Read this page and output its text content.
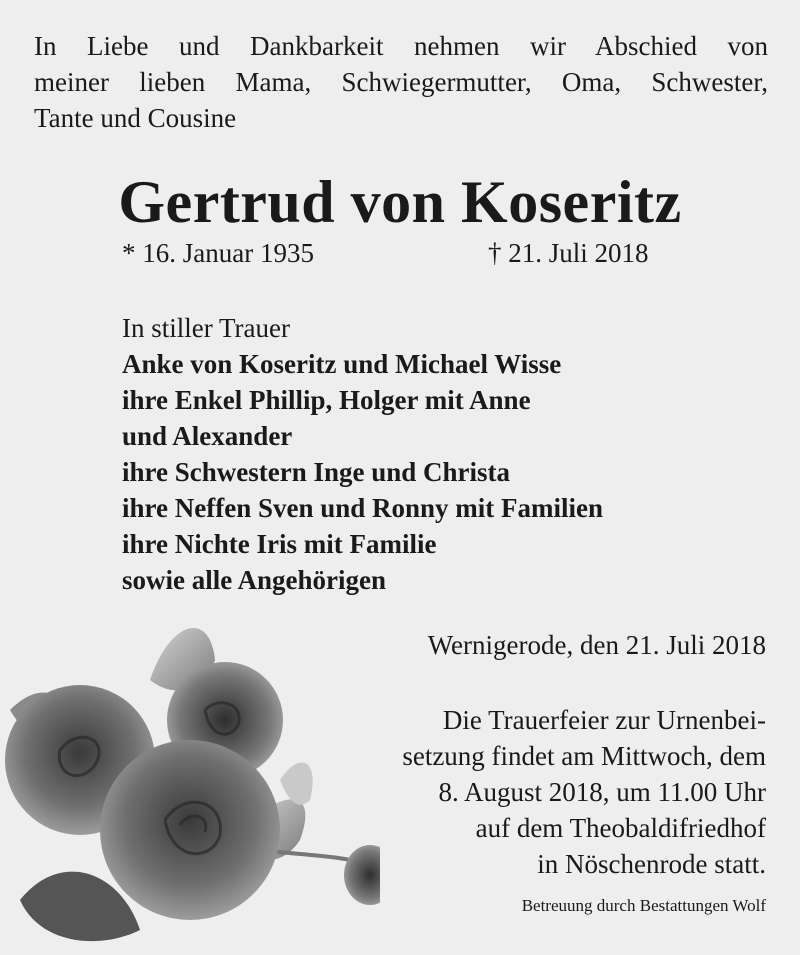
In Liebe und Dankbarkeit nehmen wir Abschied von
meiner lieben Mama, Schwiegermutter, Oma, Schwester,
Tante und Cousine
Gertrud von Koseritz
* 16. Januar 1935	† 21. Juli 2018
In stiller Trauer
Anke von Koseritz und Michael Wisse
ihre Enkel Phillip, Holger mit Anne
und Alexander
ihre Schwestern Inge und Christa
ihre Neffen Sven und Ronny mit Familien
ihre Nichte Iris mit Familie
sowie alle Angehörigen
Wernigerode, den 21. Juli 2018
Die Trauerfeier zur Urnenbei-
setzung findet am Mittwoch, dem
8. August 2018, um 11.00 Uhr
auf dem Theobaldifriedhof
in Nöschenrode statt.
Betreuung durch Bestattungen Wolf
